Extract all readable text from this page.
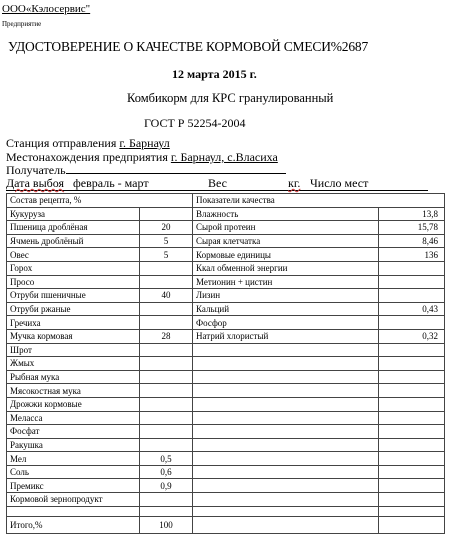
ООО«Кэлосервис"
Предприятие
УДОСТОВЕРЕНИЕ О КАЧЕСТВЕ КОРМОВОЙ СМЕСИ%2687
12 марта 2015 г.
Комбикорм для КРС гранулированный
ГОСТ Р 52254-2004
Станция отправления г. Барнаул
Местонахождения предприятия г. Барнаул, с.Власиха
Получатель
Дата выбоя февраль - март	Вес	кг. Число мест
Состав рецепта, %		Показатели качества	
Кукуруза		Влажность	13,8
Пшеница дроблёная	20	Сырой протеин	15,78
Ячмень дроблёный	5	Сырая клетчатка	8,46
Овес	5	Кормовые единицы	136
Горох		Ккал обменной энергии	
Просо		Метионин + цистин	
Отруби пшеничные	40	Лизин	
Отруби ржаные		Кальций	0,43
Гречиха		Фосфор	
Мучка кормовая	28	Натрий хлористый	0,32
Шрот			
Жмых			
Рыбная мука			
Мясокостная мука			
Дрожжи кормовые			
Меласса			
Фосфат			
Ракушка			
Мел	0,5		
Соль	0,6		
Премикс	0,9		
Кормовой зернопродукт			

Итого,%	100		
